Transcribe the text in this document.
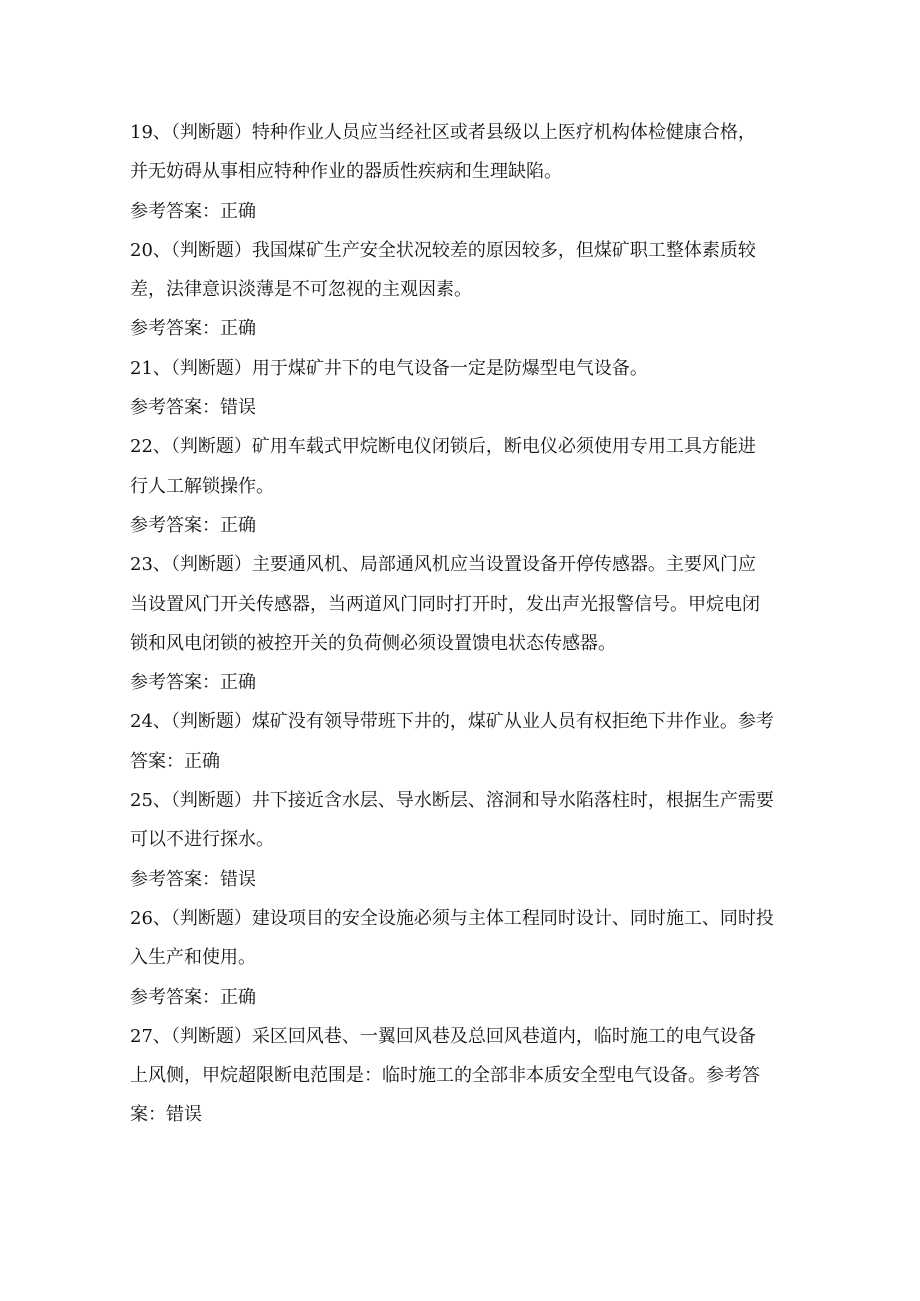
19、（判断题）特种作业人员应当经社区或者县级以上医疗机构体检健康合格，
并无妨碍从事相应特种作业的器质性疾病和生理缺陷。
参考答案：正确
20、（判断题）我国煤矿生产安全状况较差的原因较多，但煤矿职工整体素质较
差，法律意识淡薄是不可忽视的主观因素。
参考答案：正确
21、（判断题）用于煤矿井下的电气设备一定是防爆型电气设备。
参考答案：错误
22、（判断题）矿用车载式甲烷断电仪闭锁后，断电仪必须使用专用工具方能进
行人工解锁操作。
参考答案：正确
23、（判断题）主要通风机、局部通风机应当设置设备开停传感器。主要风门应
当设置风门开关传感器，当两道风门同时打开时，发出声光报警信号。甲烷电闭
锁和风电闭锁的被控开关的负荷侧必须设置馈电状态传感器。
参考答案：正确
24、（判断题）煤矿没有领导带班下井的，煤矿从业人员有权拒绝下井作业。参考
答案：正确
25、（判断题）井下接近含水层、导水断层、溶洞和导水陷落柱时，根据生产需要
可以不进行探水。
参考答案：错误
26、（判断题）建设项目的安全设施必须与主体工程同时设计、同时施工、同时投
入生产和使用。
参考答案：正确
27、（判断题）采区回风巷、一翼回风巷及总回风巷道内，临时施工的电气设备
上风侧，甲烷超限断电范围是：临时施工的全部非本质安全型电气设备。参考答
案：错误
